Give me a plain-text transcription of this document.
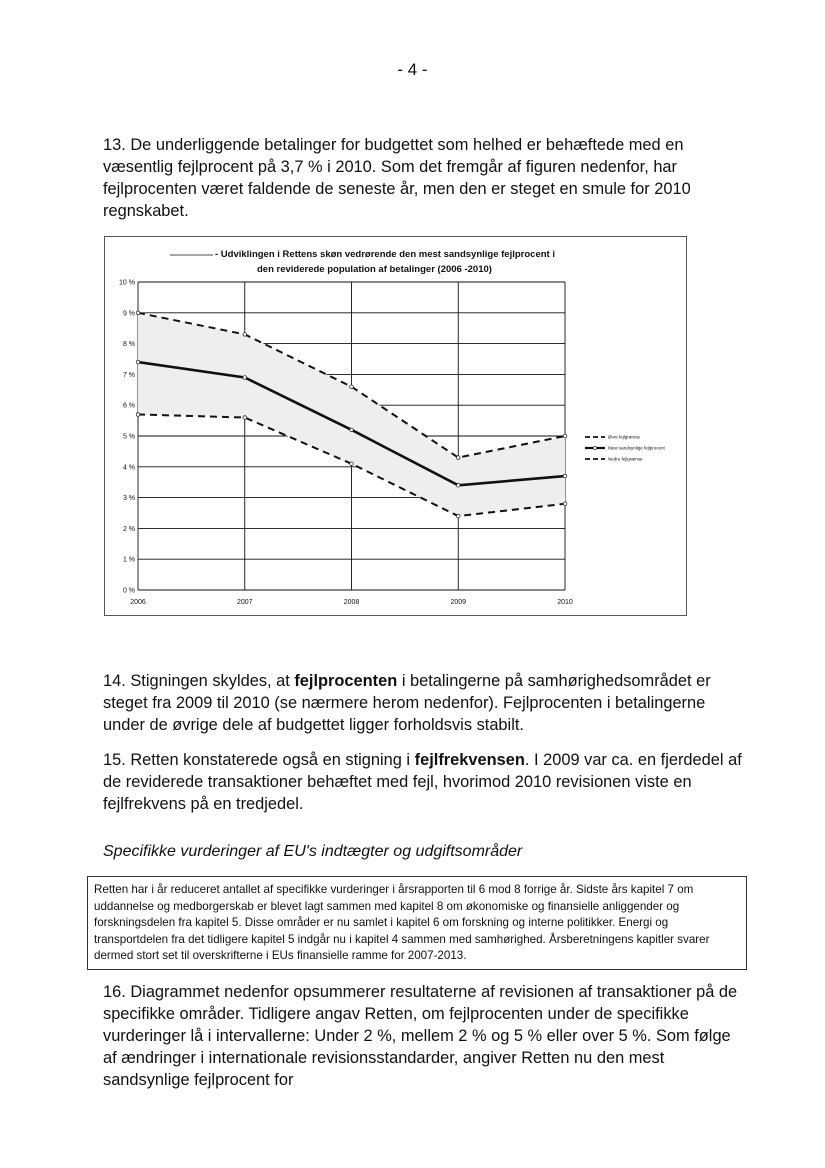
- 4 -

13. De underliggende betalinger for budgettet som helhed er behæftede med en væsentlig fejlprocent på 3,7 % i 2010. Som det fremgår af figuren nedenfor, har fejlprocenten været faldende de seneste år, men den er steget en smule for 2010 regnskabet.

- Udviklingen i Rettens skøn vedrørende den mest sandsynlige fejlprocent i
den reviderede population af betalinger (2006 -2010)
0 %
1 %
2 %
3 %
4 %
5 %
6 %
7 %
8 %
9 %
10 %
2006	2007	2008	2009	2010
Øvre fejlgrænse
Mest sandsynlige fejlprocent
Nedre fejlgrænse

14. Stigningen skyldes, at fejlprocenten i betalingerne på samhørighedsområdet er steget fra 2009 til 2010 (se nærmere herom nedenfor). Fejlprocenten i betalingerne under de øvrige dele af budgettet ligger forholdsvis stabilt.

15. Retten konstaterede også en stigning i fejlfrekvensen. I 2009 var ca. en fjerdedel af de reviderede transaktioner behæftet med fejl, hvorimod 2010 revisionen viste en fejlfrekvens på en tredjedel.

Specifikke vurderinger af EU's indtægter og udgiftsområder
Retten har i år reduceret antallet af specifikke vurderinger i årsrapporten til 6 mod 8 forrige år. Sidste års kapitel 7 om uddannelse og medborgerskab er blevet lagt sammen med kapitel 8 om økonomiske og finansielle anliggender og forskningsdelen fra kapitel 5. Disse områder er nu samlet i kapitel 6 om forskning og interne politikker. Energi og transportdelen fra det tidligere kapitel 5 indgår nu i kapitel 4 sammen med samhørighed. Årsberetningens kapitler svarer dermed stort set til overskrifterne i EUs finansielle ramme for 2007-2013.

16. Diagrammet nedenfor opsummerer resultaterne af revisionen af transaktioner på de specifikke områder. Tidligere angav Retten, om fejlprocenten under de specifikke vurderinger lå i intervallerne: Under 2 %, mellem 2 % og 5 % eller over 5 %. Som følge af ændringer i internationale revisionsstandarder, angiver Retten nu den mest sandsynlige fejlprocent for
